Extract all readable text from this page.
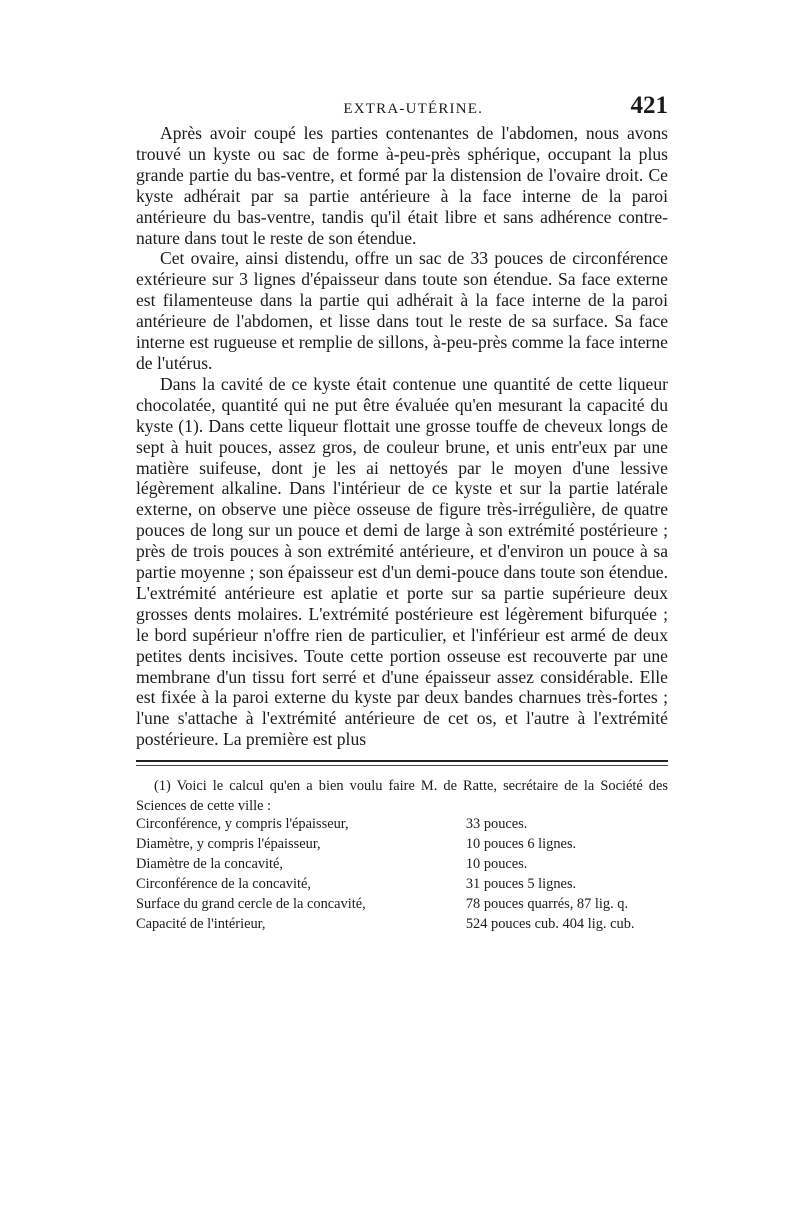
EXTRA-UTÉRINE.	421

Après avoir coupé les parties contenantes de l'abdomen, nous avons trouvé un kyste ou sac de forme à-peu-près sphérique, occupant la plus grande partie du bas-ventre, et formé par la distension de l'ovaire droit. Ce kyste adhérait par sa partie antérieure à la face interne de la paroi antérieure du bas-ventre, tandis qu'il était libre et sans adhérence contre-nature dans tout le reste de son étendue.

Cet ovaire, ainsi distendu, offre un sac de 33 pouces de circonférence extérieure sur 3 lignes d'épaisseur dans toute son étendue. Sa face externe est filamenteuse dans la partie qui adhérait à la face interne de la paroi antérieure de l'abdomen, et lisse dans tout le reste de sa surface. Sa face interne est rugueuse et remplie de sillons, à-peu-près comme la face interne de l'utérus.

Dans la cavité de ce kyste était contenue une quantité de cette liqueur chocolatée, quantité qui ne put être évaluée qu'en mesurant la capacité du kyste (1). Dans cette liqueur flottait une grosse touffe de cheveux longs de sept à huit pouces, assez gros, de couleur brune, et unis entr'eux par une matière suifeuse, dont je les ai nettoyés par le moyen d'une lessive légèrement alkaline. Dans l'intérieur de ce kyste et sur la partie latérale externe, on observe une pièce osseuse de figure très-irrégulière, de quatre pouces de long sur un pouce et demi de large à son extrémité postérieure ; près de trois pouces à son extrémité antérieure, et d'environ un pouce à sa partie moyenne ; son épaisseur est d'un demi-pouce dans toute son étendue. L'extrémité antérieure est aplatie et porte sur sa partie supérieure deux grosses dents molaires. L'extrémité postérieure est légèrement bifurquée ; le bord supérieur n'offre rien de particulier, et l'inférieur est armé de deux petites dents incisives. Toute cette portion osseuse est recouverte par une membrane d'un tissu fort serré et d'une épaisseur assez considérable. Elle est fixée à la paroi externe du kyste par deux bandes charnues très-fortes ; l'une s'attache à l'extrémité antérieure de cet os, et l'autre à l'extrémité postérieure. La première est plus

(1) Voici le calcul qu'en a bien voulu faire M. de Ratte, secrétaire de la Société des Sciences de cette ville :

Circonférence, y compris l'épaisseur,	33 pouces.
Diamètre, y compris l'épaisseur,	10 pouces 6 lignes.
Diamètre de la concavité,	10 pouces.
Circonférence de la concavité,	31 pouces 5 lignes.
Surface du grand cercle de la concavité,	78 pouces quarrés, 87 lig. q.
Capacité de l'intérieur,	524 pouces cub. 404 lig. cub.
